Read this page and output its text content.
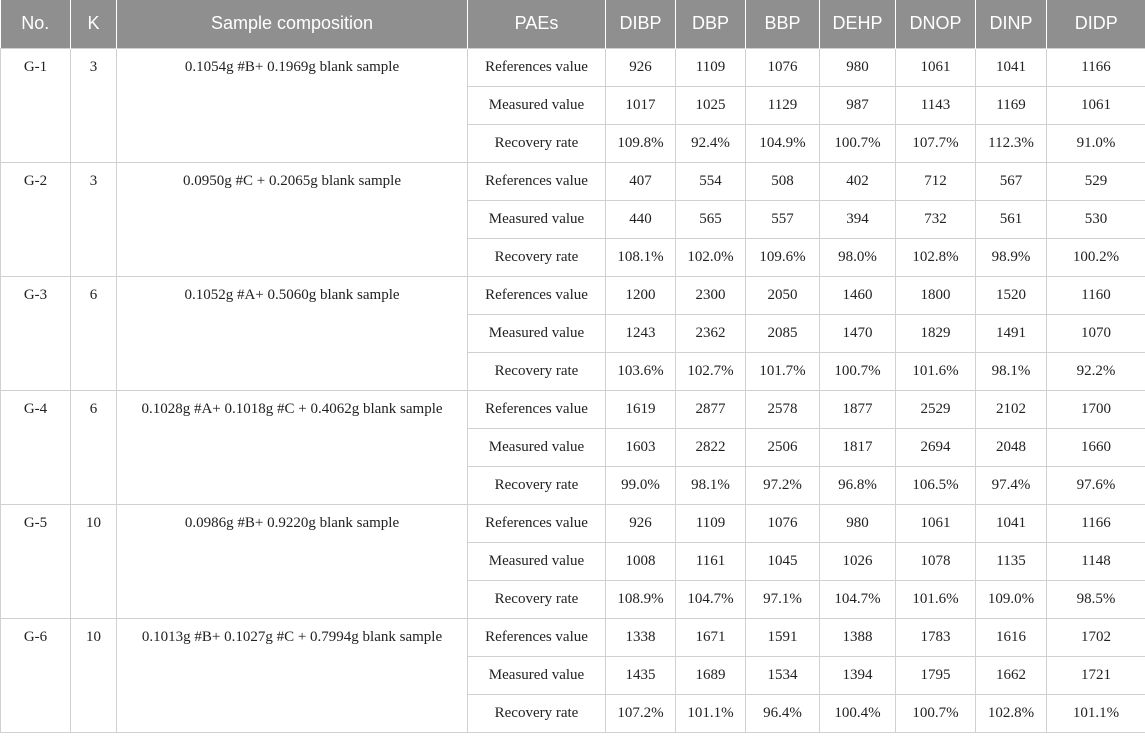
No.	K	Sample composition	PAEs	DIBP	DBP	BBP	DEHP	DNOP	DINP	DIDP
G-1	3	0.1054g #B+ 0.1969g blank sample	References value	926	1109	1076	980	1061	1041	1166
			Measured value	1017	1025	1129	987	1143	1169	1061
			Recovery rate	109.8%	92.4%	104.9%	100.7%	107.7%	112.3%	91.0%
G-2	3	0.0950g #C + 0.2065g blank sample	References value	407	554	508	402	712	567	529
			Measured value	440	565	557	394	732	561	530
			Recovery rate	108.1%	102.0%	109.6%	98.0%	102.8%	98.9%	100.2%
G-3	6	0.1052g #A+ 0.5060g blank sample	References value	1200	2300	2050	1460	1800	1520	1160
			Measured value	1243	2362	2085	1470	1829	1491	1070
			Recovery rate	103.6%	102.7%	101.7%	100.7%	101.6%	98.1%	92.2%
G-4	6	0.1028g #A+ 0.1018g #C + 0.4062g blank sample	References value	1619	2877	2578	1877	2529	2102	1700
			Measured value	1603	2822	2506	1817	2694	2048	1660
			Recovery rate	99.0%	98.1%	97.2%	96.8%	106.5%	97.4%	97.6%
G-5	10	0.0986g #B+ 0.9220g blank sample	References value	926	1109	1076	980	1061	1041	1166
			Measured value	1008	1161	1045	1026	1078	1135	1148
			Recovery rate	108.9%	104.7%	97.1%	104.7%	101.6%	109.0%	98.5%
G-6	10	0.1013g #B+ 0.1027g #C + 0.7994g blank sample	References value	1338	1671	1591	1388	1783	1616	1702
			Measured value	1435	1689	1534	1394	1795	1662	1721
			Recovery rate	107.2%	101.1%	96.4%	100.4%	100.7%	102.8%	101.1%
